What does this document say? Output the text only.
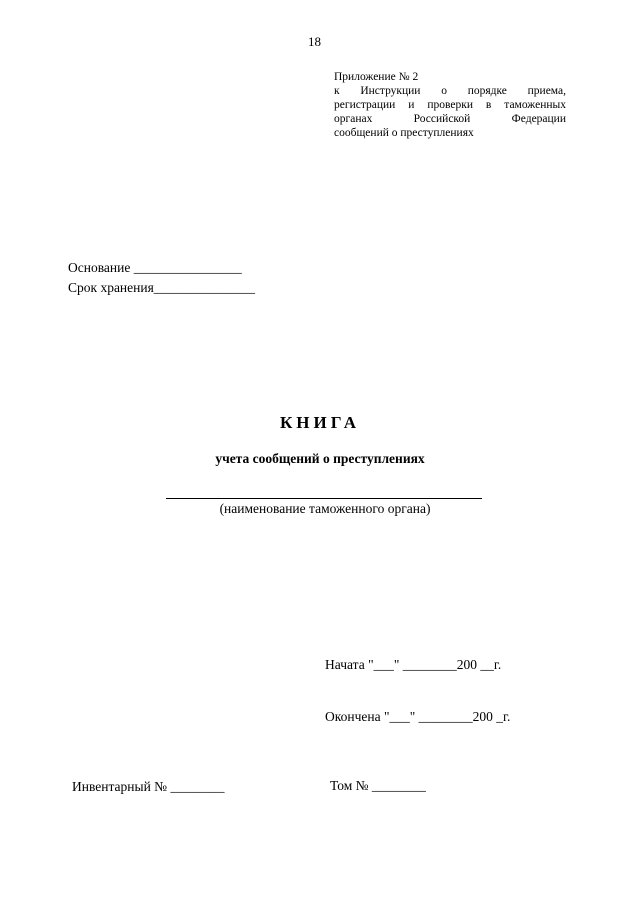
18
Приложение № 2
к Инструкции о порядке приема,
регистрации и проверки в таможенных
органах Российской Федерации
сообщений о преступлениях
Основание ________________
Срок хранения_______________
КНИГА
учета сообщений о преступлениях
(наименование таможенного органа)
Начата "___" ________200 __г.
Окончена "___" ________200 _г.
Инвентарный № ________	Том № ________
